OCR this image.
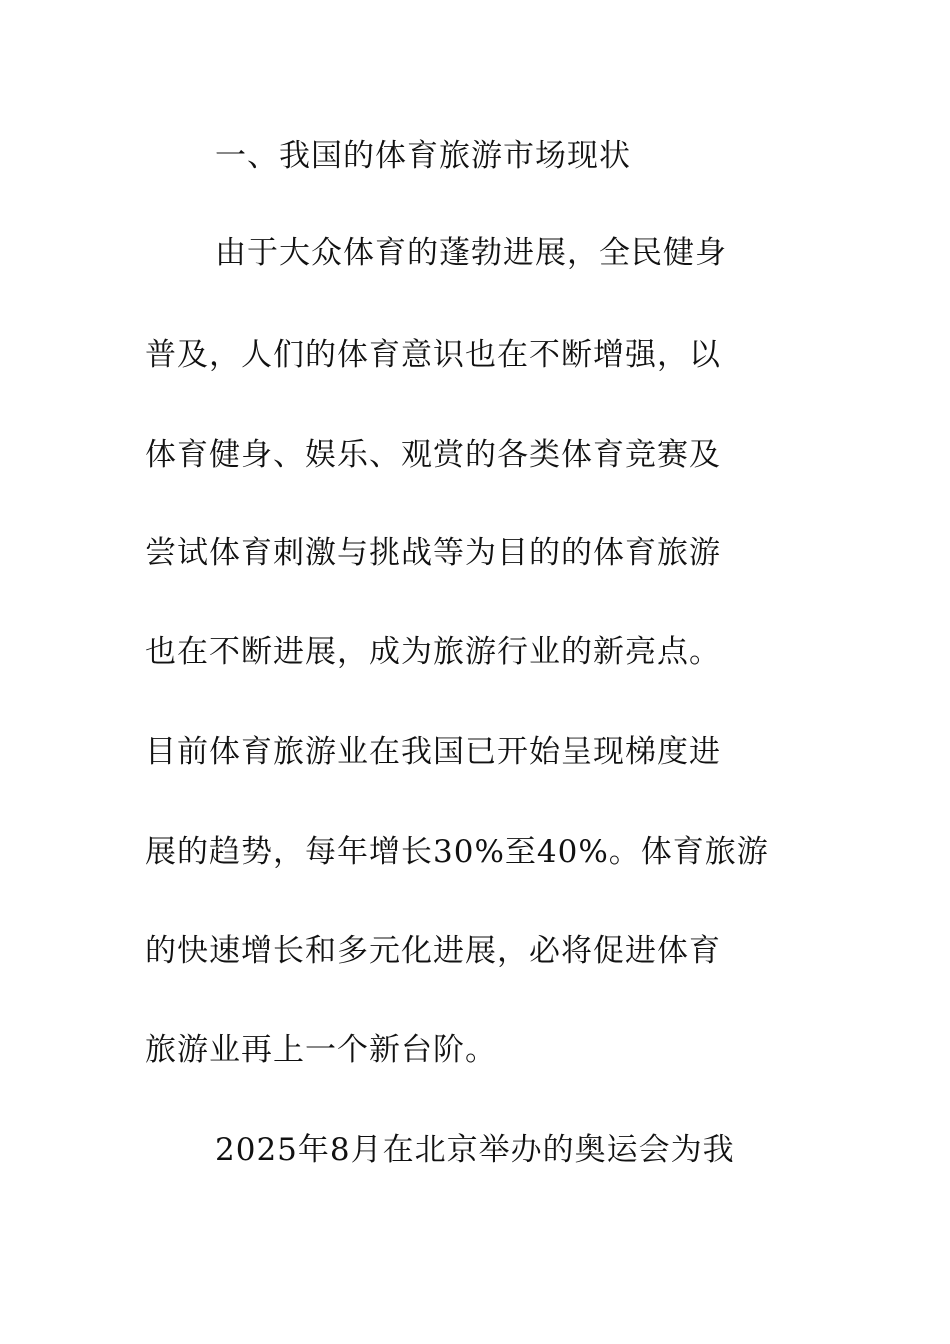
一、我国的体育旅游市场现状
由于大众体育的蓬勃进展，全民健身
普及，人们的体育意识也在不断增强，以
体育健身、娱乐、观赏的各类体育竞赛及
尝试体育刺激与挑战等为目的的体育旅游
也在不断进展，成为旅游行业的新亮点。
目前体育旅游业在我国已开始呈现梯度进
展的趋势，每年增长30%至40%。体育旅游
的快速增长和多元化进展，必将促进体育
旅游业再上一个新台阶。
2025年8月在北京举办的奥运会为我
